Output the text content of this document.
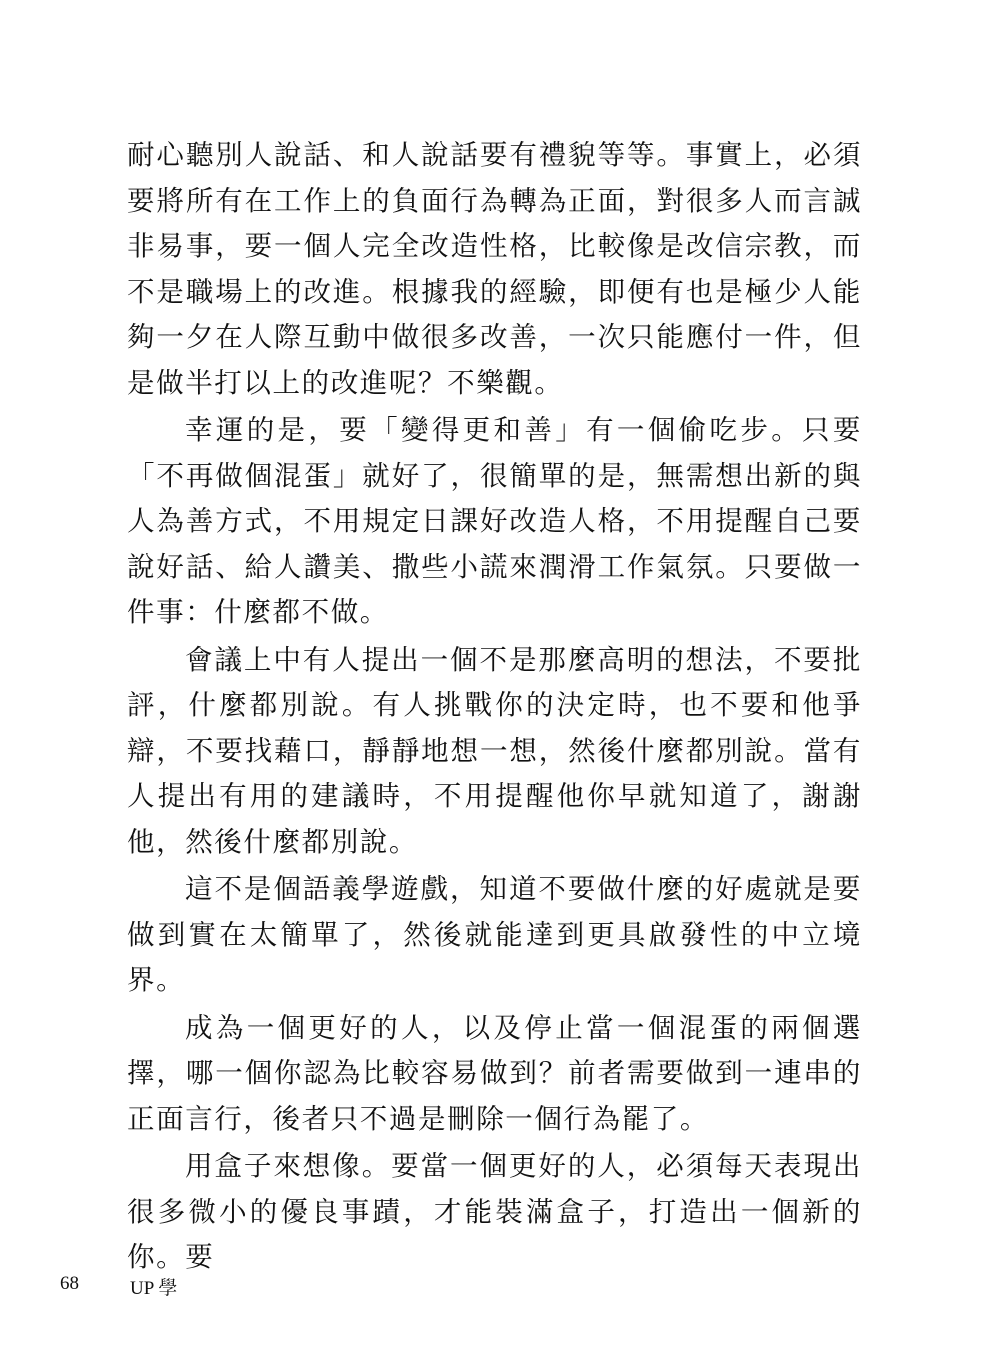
耐心聽別人說話、和人說話要有禮貌等等。事實上，必須要將所有在工作上的負面行為轉為正面，對很多人而言誠非易事，要一個人完全改造性格，比較像是改信宗教，而不是職場上的改進。根據我的經驗，即便有也是極少人能夠一夕在人際互動中做很多改善，一次只能應付一件，但是做半打以上的改進呢？不樂觀。

幸運的是，要「變得更和善」有一個偷吃步。只要「不再做個混蛋」就好了，很簡單的是，無需想出新的與人為善方式，不用規定日課好改造人格，不用提醒自己要說好話、給人讚美、撒些小謊來潤滑工作氣氛。只要做一件事：什麼都不做。

會議上中有人提出一個不是那麼高明的想法，不要批評，什麼都別說。有人挑戰你的決定時，也不要和他爭辯，不要找藉口，靜靜地想一想，然後什麼都別說。當有人提出有用的建議時，不用提醒他你早就知道了，謝謝他，然後什麼都別說。

這不是個語義學遊戲，知道不要做什麼的好處就是要做到實在太簡單了，然後就能達到更具啟發性的中立境界。

成為一個更好的人，以及停止當一個混蛋的兩個選擇，哪一個你認為比較容易做到？前者需要做到一連串的正面言行，後者只不過是刪除一個行為罷了。

用盒子來想像。要當一個更好的人，必須每天表現出很多微小的優良事蹟，才能裝滿盒子，打造出一個新的你。要

68	UP 學
